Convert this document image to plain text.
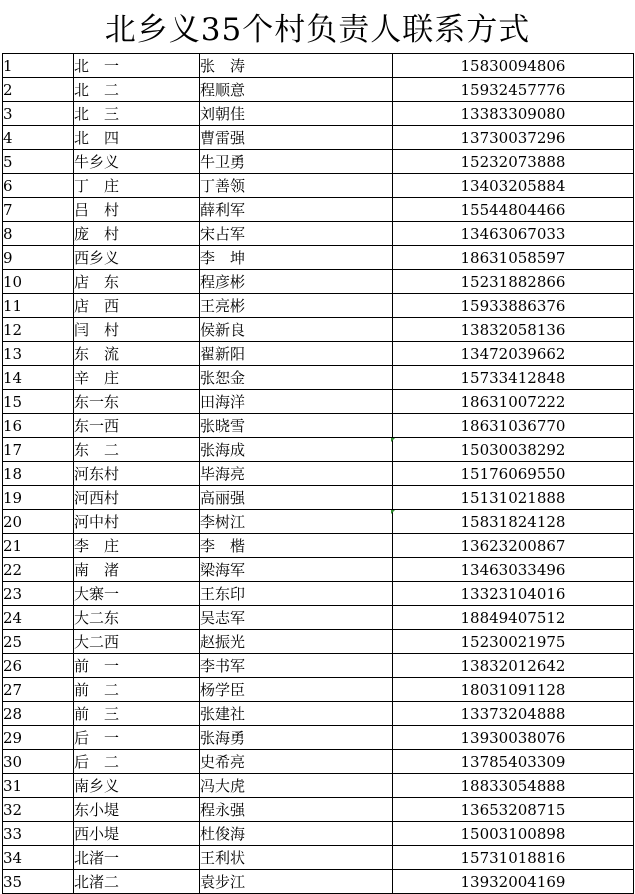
北乡义35个村负责人联系方式
1	北　一	张　涛	15830094806
2	北　二	程顺意	15932457776
3	北　三	刘朝佳	13383309080
4	北　四	曹雷强	13730037296
5	牛乡义	牛卫勇	15232073888
6	丁　庄	丁善领	13403205884
7	吕　村	薛利军	15544804466
8	庞　村	宋占军	13463067033
9	西乡义	李　坤	18631058597
10	店　东	程彦彬	15231882866
11	店　西	王亮彬	15933886376
12	闫　村	侯新良	13832058136
13	东　流	翟新阳	13472039662
14	辛　庄	张恕金	15733412848
15	东一东	田海洋	18631007222
16	东一西	张晓雪	18631036770
17	东　二	张海成	15030038292
18	河东村	毕海亮	15176069550
19	河西村	高丽强	15131021888
20	河中村	李树江	15831824128
21	李　庄	李　楷	13623200867
22	南　渚	梁海军	13463033496
23	大寨一	王东印	13323104016
24	大二东	吴志军	18849407512
25	大二西	赵振光	15230021975
26	前　一	李书军	13832012642
27	前　二	杨学臣	18031091128
28	前　三	张建社	13373204888
29	后　一	张海勇	13930038076
30	后　二	史希亮	13785403309
31	南乡义	冯大虎	18833054888
32	东小堤	程永强	13653208715
33	西小堤	杜俊海	15003100898
34	北渚一	王利状	15731018816
35	北渚二	袁步江	13932004169
